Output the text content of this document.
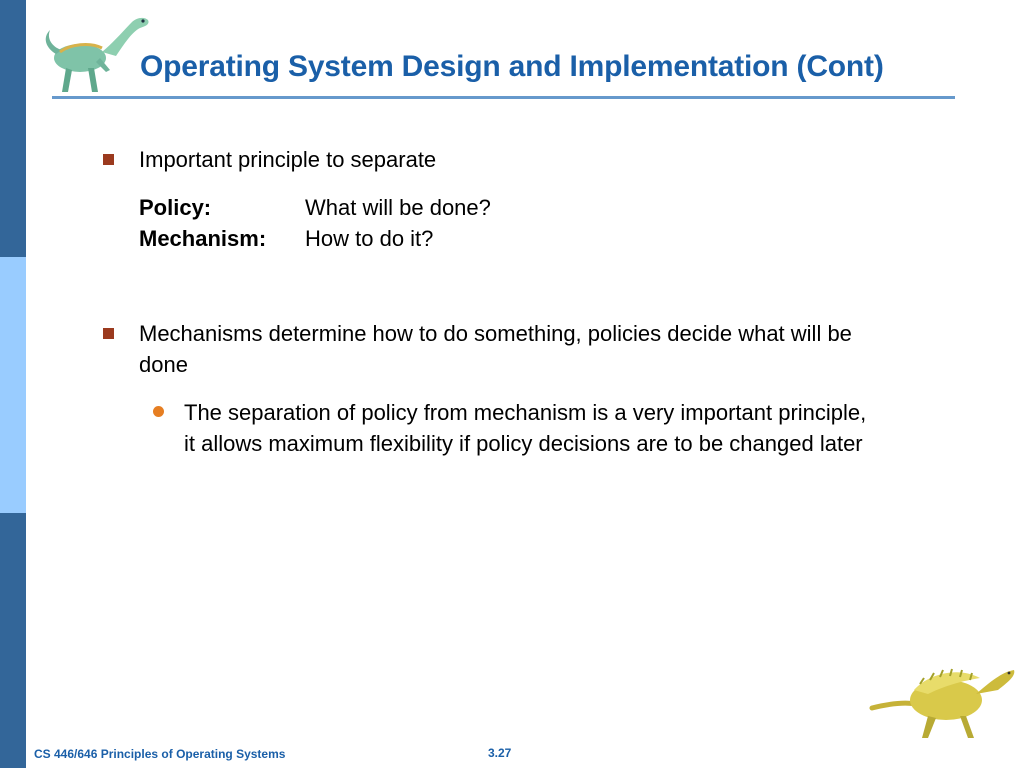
Operating System Design and Implementation (Cont)

Important principle to separate

Policy:	What will be done?

Mechanism: How to do it?

Mechanisms determine how to do something, policies decide what will be

done

The separation of policy from mechanism is a very important principle,

it allows maximum flexibility if policy decisions are to be changed later

CS 446/646 Principles of Operating Systems	3.27
